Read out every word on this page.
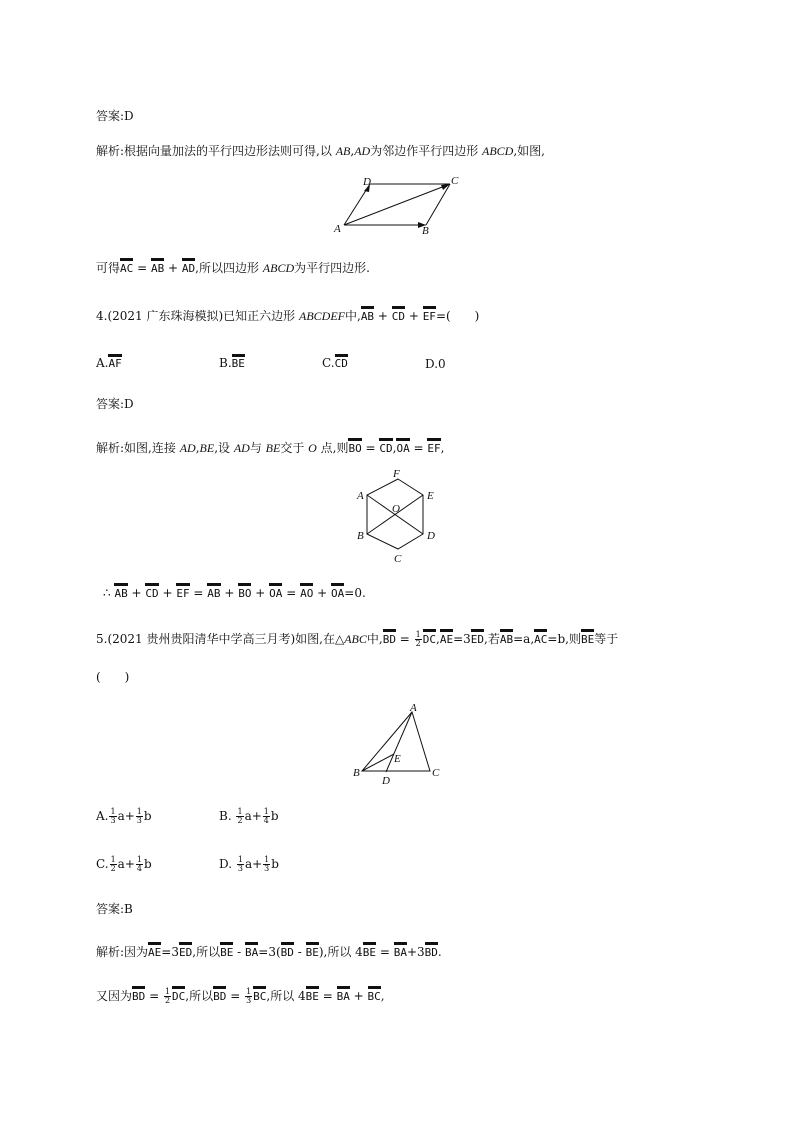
答案:D
解析:根据向量加法的平行四边形法则可得,以 AB,AD为邻边作平行四边形 ABCD,如图,
A	B
C
D
可得AC = AB + AD,所以四边形 ABCD为平行四边形.
4.(2021 广东珠海模拟)已知正六边形 ABCDEF中,AB + CD + EF=(　　)
A.AF	B.BE	C.CD	D.0
答案:D
解析:如图,连接 AD,BE,设 AD与 BE交于 O 点,则BO = CD,OA = EF,
F
A	E
O
B	D
C
∴ AB + CD + EF = AB + BO + OA = AO + OA=0.
5.(2021 贵州贵阳清华中学高三月考)如图,在△ABC中$,BD = \frac{1}{2} DC,AE=3ED$,若AB=a,AC=b,则BE等于
(　　)
A
B	C
D
E
A. $\frac{1}{3} a+ \frac{1}{3}$ b	B. $\frac{1}{2} a+ \frac{1}{4}$ b
C. $\frac{1}{2} a+ \frac{1}{4}$ b	D. $\frac{1}{3} a+ \frac{1}{3}$ b
答案:B
解析:因为AE=3ED,所以BE - BA=3(BD - BE),所以 4BE = BA+3BD.
又因为BD = $\frac{1}{2}$ DC,所以BD = $\frac{1}{3}$ BC,所以 4BE = BA + BC,
